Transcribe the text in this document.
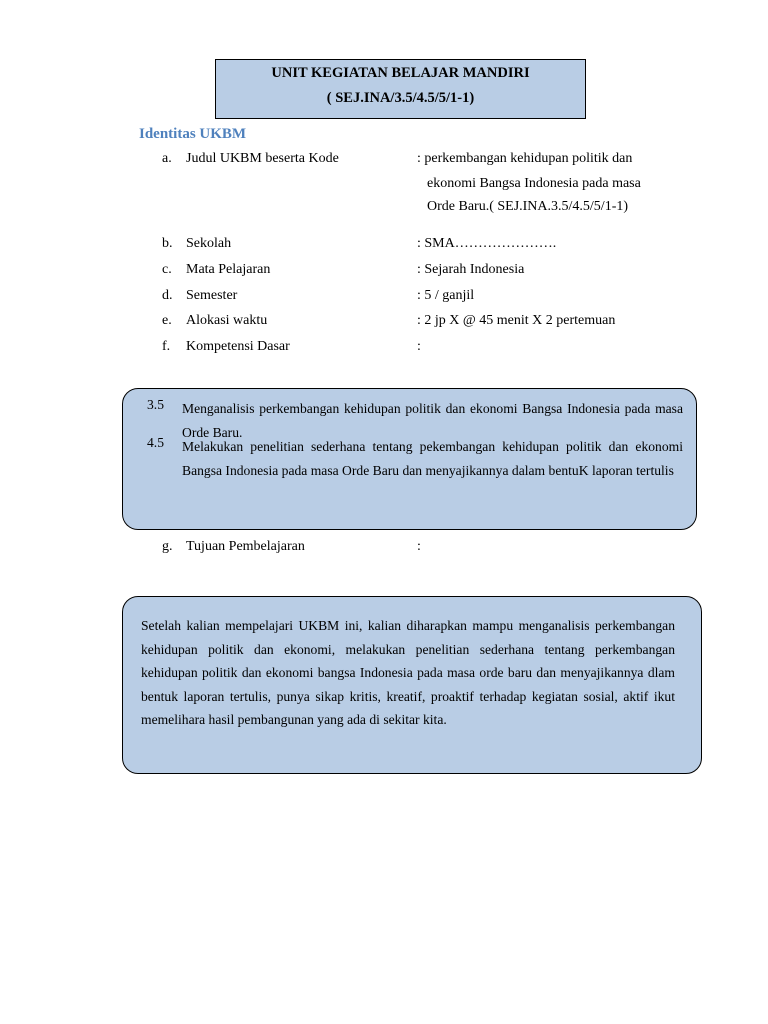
UNIT KEGIATAN BELAJAR MANDIRI
( SEJ.INA/3.5/4.5/5/1-1)
Identitas UKBM
a. Judul UKBM beserta Kode	: perkembangan kehidupan politik dan
ekonomi Bangsa Indonesia pada masa
Orde Baru.( SEJ.INA.3.5/4.5/5/1-1)
b. Sekolah	: SMA………………….
c. Mata Pelajaran	: Sejarah Indonesia
d. Semester	: 5 / ganjil
e. Alokasi waktu	: 2 jp X @ 45 menit X 2 pertemuan
f. Kompetensi Dasar	:
3.5 Menganalisis perkembangan kehidupan politik dan ekonomi Bangsa Indonesia pada masa Orde Baru.
4.5 Melakukan penelitian sederhana tentang pekembangan kehidupan politik dan ekonomi Bangsa Indonesia pada masa Orde Baru dan menyajikannya dalam bentuK laporan tertulis
g. Tujuan Pembelajaran	:
Setelah kalian mempelajari UKBM ini, kalian diharapkan mampu menganalisis perkembangan kehidupan politik dan ekonomi, melakukan penelitian sederhana tentang perkembangan kehidupan politik dan ekonomi bangsa Indonesia pada masa orde baru dan menyajikannya dlam bentuk laporan tertulis, punya sikap kritis, kreatif, proaktif terhadap kegiatan sosial, aktif ikut memelihara hasil pembangunan yang ada di sekitar kita.
